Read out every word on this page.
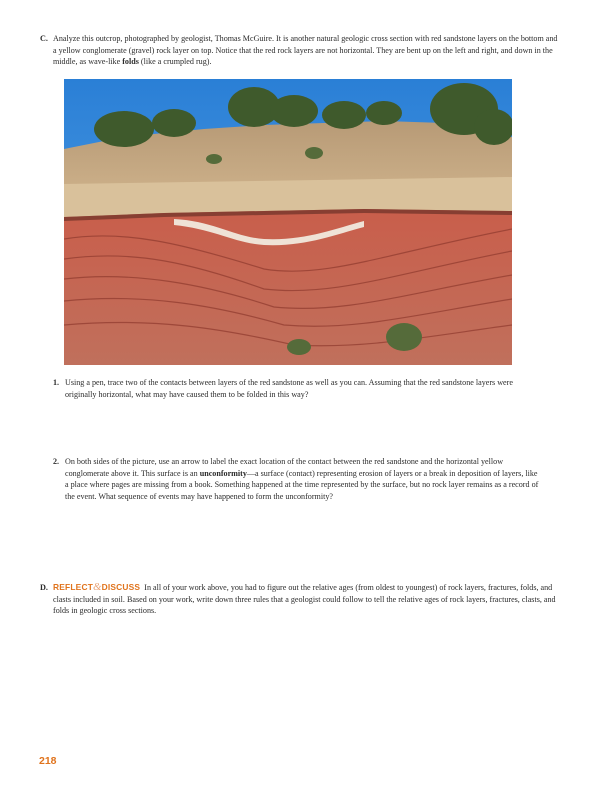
C. Analyze this outcrop, photographed by geologist, Thomas McGuire. It is another natural geologic cross section with red sandstone layers on the bottom and a yellow conglomerate (gravel) rock layer on top. Notice that the red rock layers are not horizontal. They are bent up on the left and right, and down in the middle, as wave-like folds (like a crumpled rug).
1. Using a pen, trace two of the contacts between layers of the red sandstone as well as you can. Assuming that the red sandstone layers were originally horizontal, what may have caused them to be folded in this way?
2. On both sides of the picture, use an arrow to label the exact location of the contact between the red sandstone and the horizontal yellow conglomerate above it. This surface is an unconformity—a surface (contact) representing erosion of layers or a break in deposition of layers, like a place where pages are missing from a book. Something happened at the time represented by the surface, but no rock layer remains as a record of the event. What sequence of events may have happened to form the unconformity?
D. REFLECT&DISCUSS In all of your work above, you had to figure out the relative ages (from oldest to youngest) of rock layers, fractures, folds, and clasts included in soil. Based on your work, write down three rules that a geologist could follow to tell the relative ages of rock layers, fractures, clasts, and folds in geologic cross sections.
218
